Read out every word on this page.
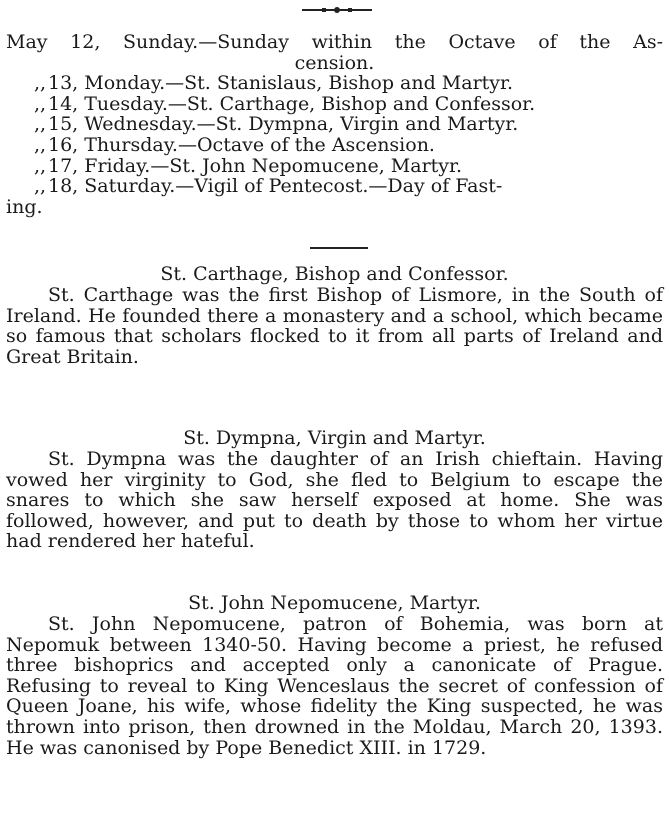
May 12, Sunday.—Sunday within the Octave of the As-
cension.
,, 13, Monday.—St. Stanislaus, Bishop and Martyr.
,, 14, Tuesday.—St. Carthage, Bishop and Confessor.
,, 15, Wednesday.—St. Dympna, Virgin and Martyr.
,, 16, Thursday.—Octave of the Ascension.
,, 17, Friday.—St. John Nepomucene, Martyr.
,, 18, Saturday.—Vigil of Pentecost.—Day of Fast-
ing.
St. Carthage, Bishop and Confessor.

St. Carthage was the first Bishop of Lismore, in the South of Ireland. He founded there a monastery and a school, which became so famous that scholars flocked to it from all parts of Ireland and Great Britain.

St. Dympna, Virgin and Martyr.

St. Dympna was the daughter of an Irish chieftain. Having vowed her virginity to God, she fled to Belgium to escape the snares to which she saw herself exposed at home. She was followed, however, and put to death by those to whom her virtue had rendered her hateful.

St. John Nepomucene, Martyr.

St. John Nepomucene, patron of Bohemia, was born at Nepomuk between 1340-50. Having become a priest, he refused three bishoprics and accepted only a canonicate of Prague. Refusing to reveal to King Wenceslaus the secret of confession of Queen Joane, his wife, whose fidelity the King suspected, he was thrown into prison, then drowned in the Moldau, March 20, 1393. He was canonised by Pope Benedict XIII. in 1729.
